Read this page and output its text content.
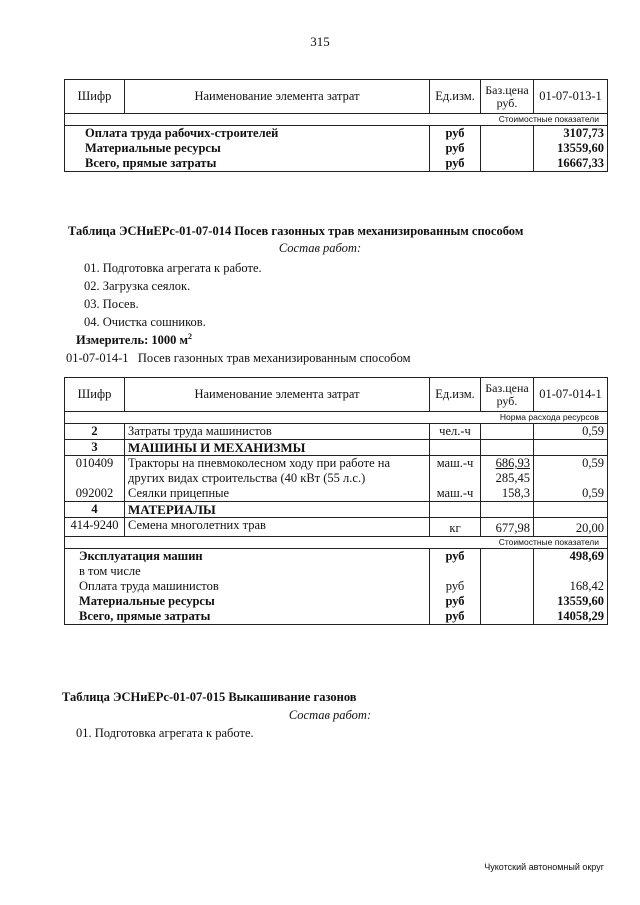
315
Шифр	Наименование элемента затрат	Ед.изм.	Баз.цена руб.	01-07-013-1
			Стоимостные показатели	
Оплата труда рабочих-строителей		руб		3107,73
Материальные ресурсы		руб		13559,60
Всего, прямые затраты		руб		16667,33
Таблица ЭСНиЕРс-01-07-014 Посев газонных трав механизированным способом
Состав работ:
01. Подготовка агрегата к работе.
02. Загрузка сеялок.
03. Посев.
04. Очистка сошников.
Измеритель: 1000 $м^2$
01-07-014-1 Посев газонных трав механизированным способом
Шифр	Наименование элемента затрат	Ед.изм.	Баз.цена руб.	01-07-014-1
			Норма расхода ресурсов	
2	Затраты труда машинистов	чел.-ч		0,59
3	МАШИНЫ И МЕХАНИЗМЫ			
010409	Тракторы на пневмоколесном ходу при работе на	маш.-ч	686,93	0,59
	других видах строительства (40 кВт (55 л.с.)		285,45	
092002	Сеялки прицепные	маш.-ч	158,3	0,59
4	МАТЕРИАЛЫ			
414-9240	Семена многолетних трав	кг	677,98	20,00
			Стоимостные показатели	
Эксплуатация машин		руб		498,69
в том числе				
Оплата труда машинистов		руб		168,42
Материальные ресурсы		руб		13559,60
Всего, прямые затраты		руб		14058,29
Таблица ЭСНиЕРс-01-07-015 Выкашивание газонов
Состав работ:
01. Подготовка агрегата к работе.
Чукотский автономный округ
